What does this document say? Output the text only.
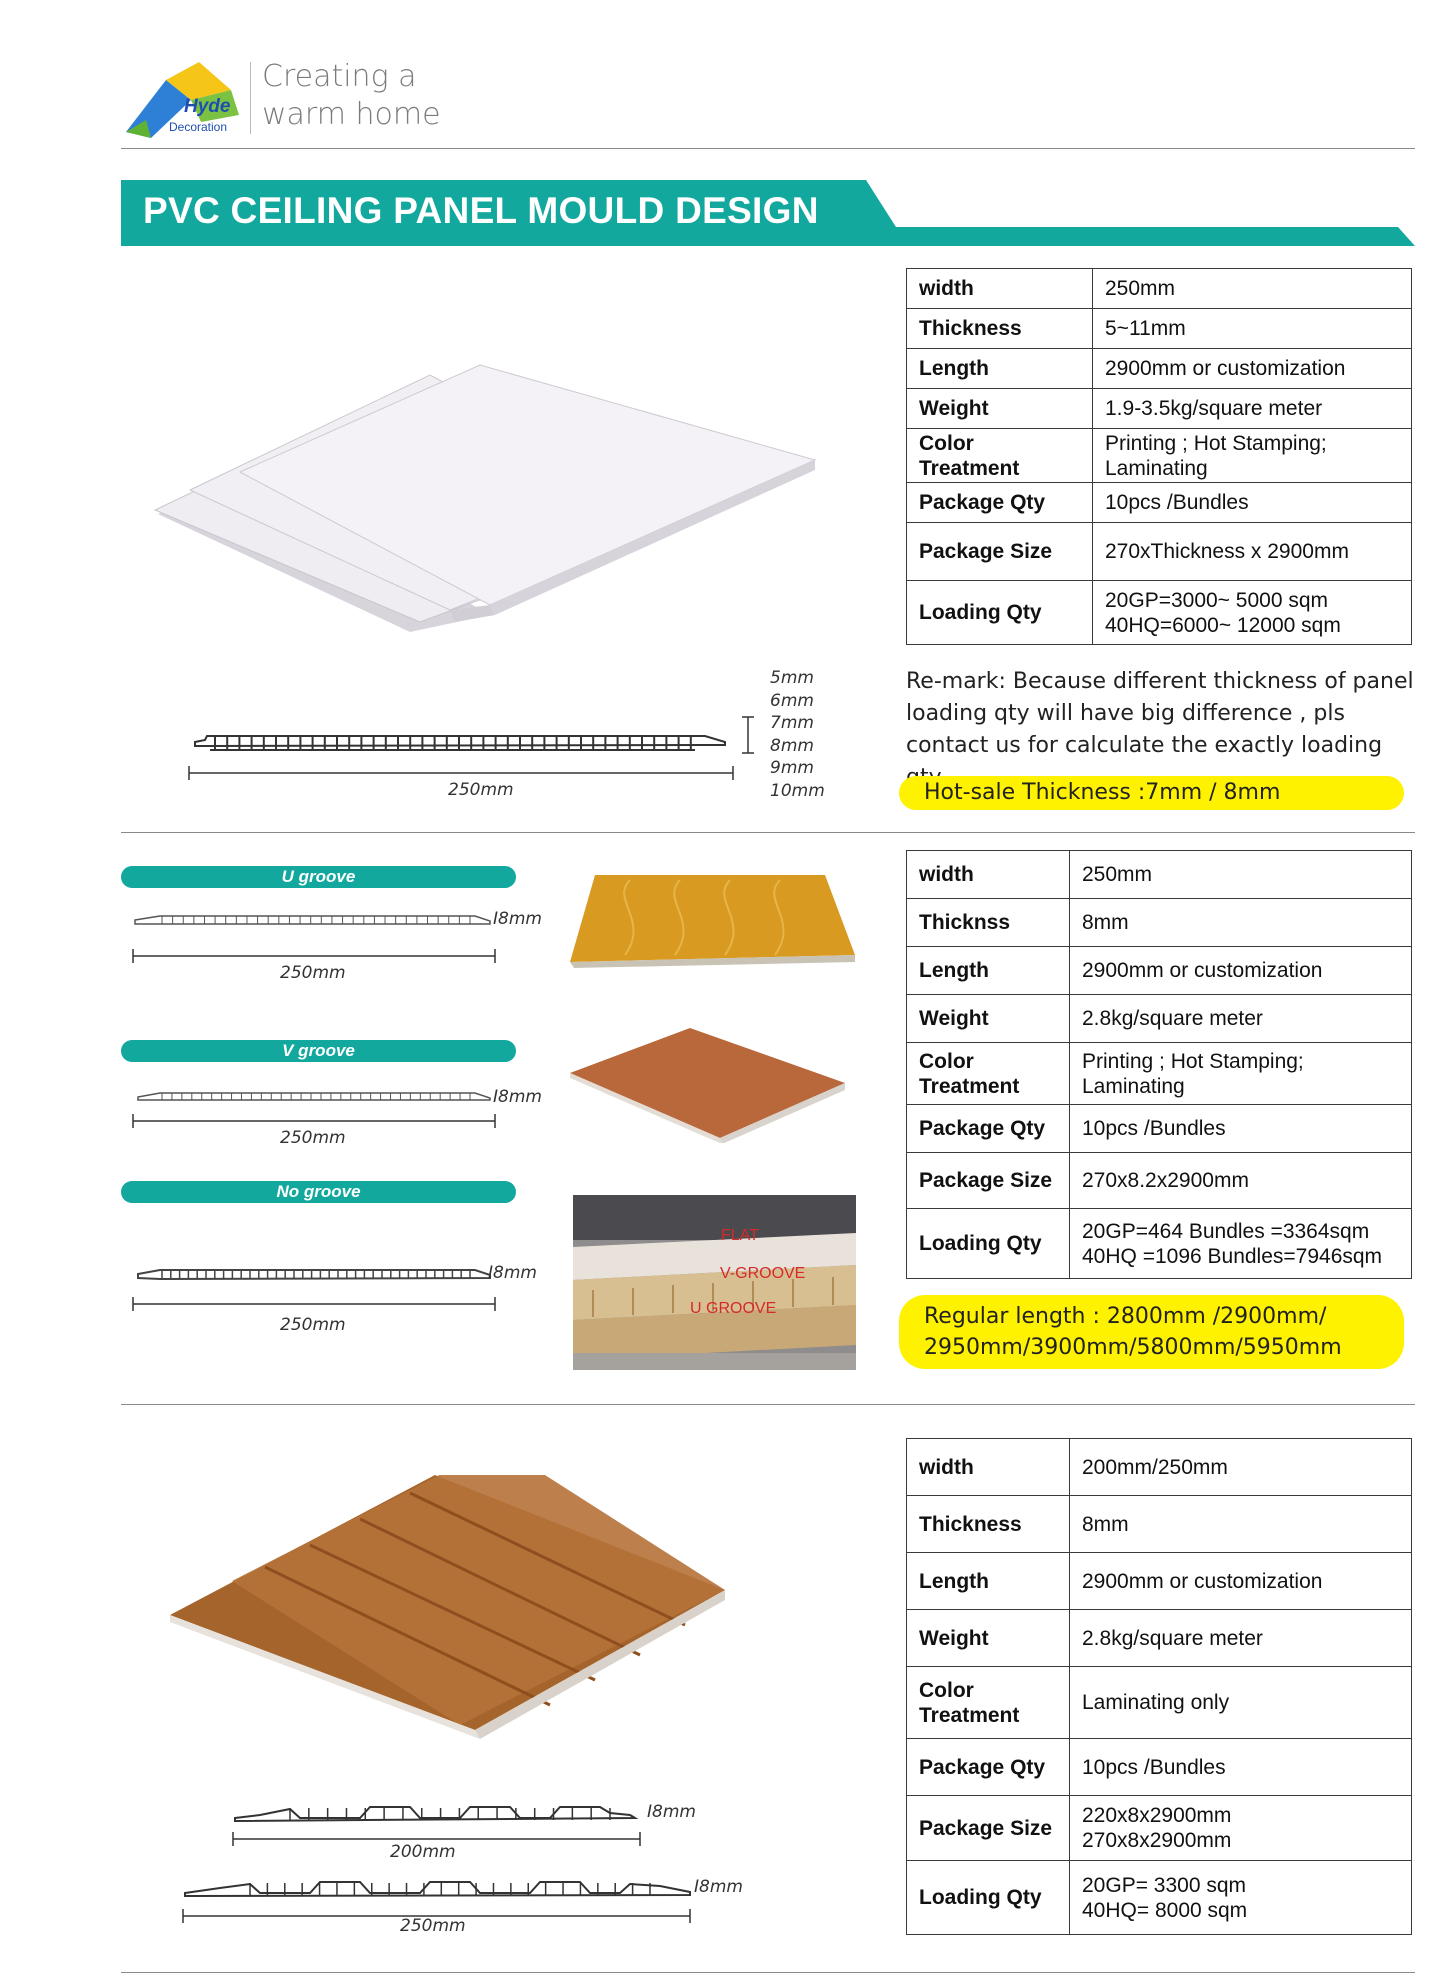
Hyde
Decoration
Creating a
warm home
PVC CEILING PANEL MOULD DESIGN
250mm
5mm
6mm
7mm
8mm
9mm
10mm
width	250mm
Thickness	5~11mm
Length	2900mm or customization
Weight	1.9-3.5kg/square meter
Color
Treatment	Printing ; Hot Stamping;
Laminating
Package Qty	10pcs /Bundles
Package Size	270xThickness x 2900mm
Loading Qty	20GP=3000~ 5000 sqm
40HQ=6000~ 12000 sqm
Re-mark: Because different thickness of panel loading qty will have big difference , pls contact us for calculate the exactly loading
Hot-sale Thickness :7mm / 8mm
U groove
V groove
No groove
I8mm
250mm
I8mm
250mm
I8mm
250mm
FLAT
V-GROOVE
U GROOVE
width	250mm
Thicknss	8mm
Length	2900mm or customization
Weight	2.8kg/square meter
Color
Treatment	Printing ; Hot Stamping;
Laminating
Package Qty	10pcs /Bundles
Package Size	270x8.2x2900mm
Loading Qty	20GP=464 Bundles =3364sqm
40HQ =1096 Bundles=7946sqm
Regular length : 2800mm /2900mm/
2950mm/3900mm/5800mm/5950mm
I8mm
200mm
I8mm
250mm
width	200mm/250mm
Thickness	8mm
Length	2900mm or customization
Weight	2.8kg/square meter
Color
Treatment	Laminating only
Package Qty	10pcs /Bundles
Package Size	220x8x2900mm
270x8x2900mm
Loading Qty	20GP= 3300 sqm
40HQ= 8000 sqm
